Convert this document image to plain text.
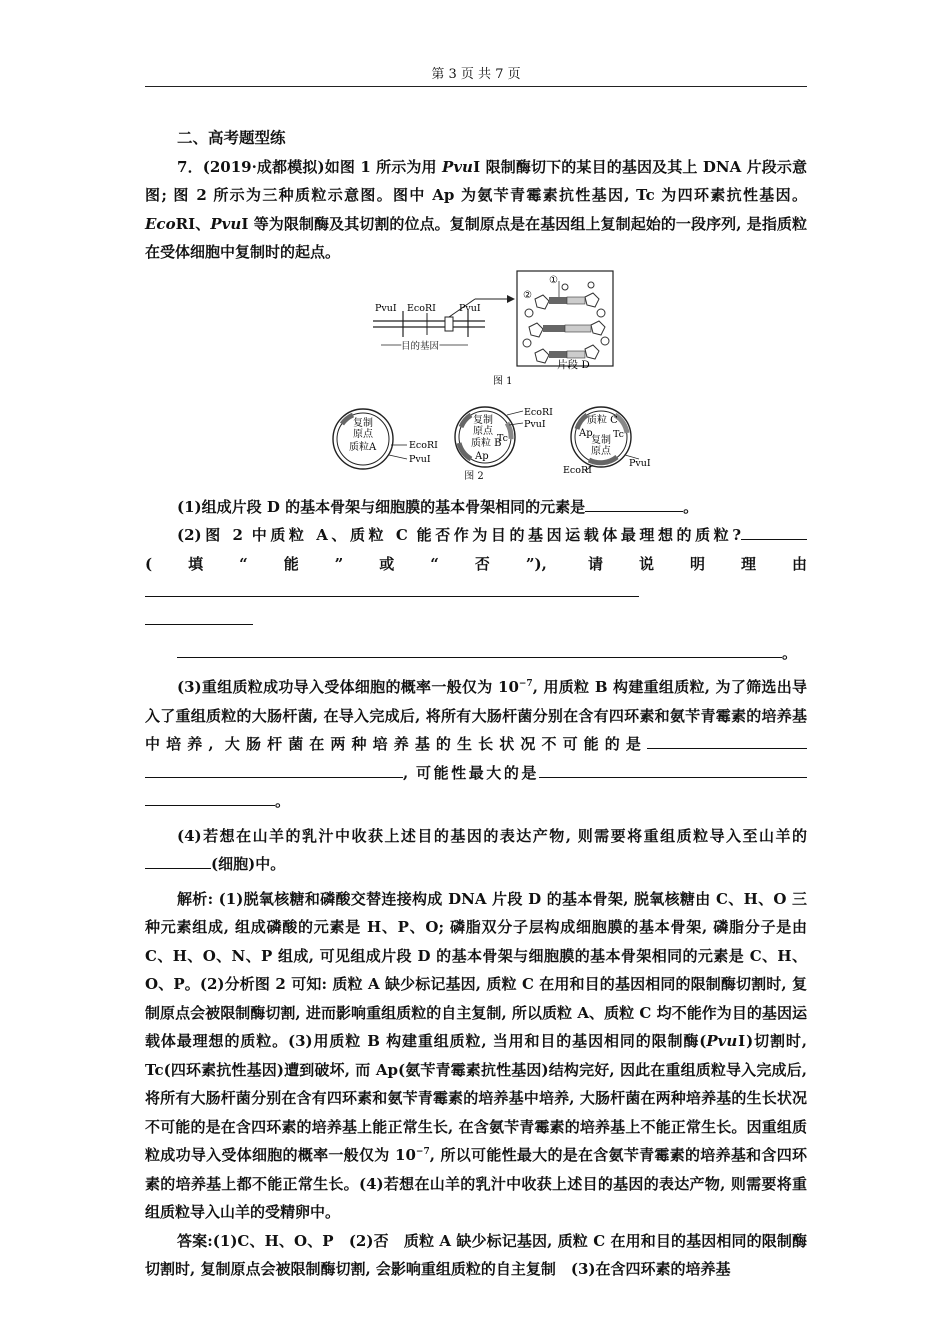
第 3 页 共 7 页

二、高考题型练

7．(2019·成都模拟)如图 1 所示为用 PvuⅠ 限制酶切下的某目的基因及其上 DNA 片段示意图; 图 2 所示为三种质粒示意图。图中 Ap 为氨苄青霉素抗性基因, Tc 为四环素抗性基因。EcoRⅠ、PvuⅠ 等为限制酶及其切割的位点。复制原点是在基因组上复制起始的一段序列, 是指质粒在受体细胞中复制时的起点。

PvuⅠ EcoRⅠ PvuⅠ
目的基因
①
②
片段 D
图 1
复制
原点
质粒A	EcoRⅠ
PvuⅠ
复制
原点
质粒 B
Ap
Tc
EcoRⅠ
PvuⅠ	质粒 C
Ap Tc
复制
原点
EcoRⅠ
PvuⅠ
图 2

(1)组成片段 D 的基本骨架与细胞膜的基本骨架相同的元素是	。

(2)图 2 中质粒 A、质粒 C 能否作为目的基因运载体最理想的质粒?(填“能”或“否”), 请说明理由

。

(3)重组质粒成功导入受体细胞的概率一般仅为 $10^{-7}$, 用质粒 B 构建重组质粒, 为了筛选出导入了重组质粒的大肠杆菌, 在导入完成后, 将所有大肠杆菌分别在含有四环素和氨苄青霉素的培养基中培养, 大肠杆菌在两种培养基的生长状况不可能的是, 可能性最大的是。

(4)若想在山羊的乳汁中收获上述目的基因的表达产物, 则需要将重组质粒导入至山羊的(细胞)中。

解析: (1)脱氧核糖和磷酸交替连接构成 DNA 片段 D 的基本骨架, 脱氧核糖由 C、H、O 三种元素组成, 组成磷酸的元素是 H、P、O; 磷脂双分子层构成细胞膜的基本骨架, 磷脂分子是由 C、H、O、N、P 组成, 可见组成片段 D 的基本骨架与细胞膜的基本骨架相同的元素是 C、H、O、P。(2)分析图 2 可知: 质粒 A 缺少标记基因, 质粒 C 在用和目的基因相同的限制酶切割时, 复制原点会被限制酶切割, 进而影响重组质粒的自主复制, 所以质粒 A、质粒 C 均不能作为目的基因运载体最理想的质粒。(3)用质粒 B 构建重组质粒, 当用和目的基因相同的限制酶(PvuⅠ)切割时, Tc(四环素抗性基因)遭到破坏, 而 Ap(氨苄青霉素抗性基因)结构完好, 因此在重组质粒导入完成后, 将所有大肠杆菌分别在含有四环素和氨苄青霉素的培养基中培养, 大肠杆菌在两种培养基的生长状况不可能的是在含四环素的培养基上能正常生长, 在含氨苄青霉素的培养基上不能正常生长。因重组质粒成功导入受体细胞的概率一般仅为 $10^{-7}$, 所以可能性最大的是在含氨苄青霉素的培养基和含四环素的培养基上都不能正常生长。(4)若想在山羊的乳汁中收获上述目的基因的表达产物, 则需要将重组质粒导入山羊的受精卵中。

答案:(1)C、H、O、P　(2)否　质粒 A 缺少标记基因, 质粒 C 在用和目的基因相同的限制酶切割时, 复制原点会被限制酶切割, 会影响重组质粒的自主复制　(3)在含四环素的培养基
